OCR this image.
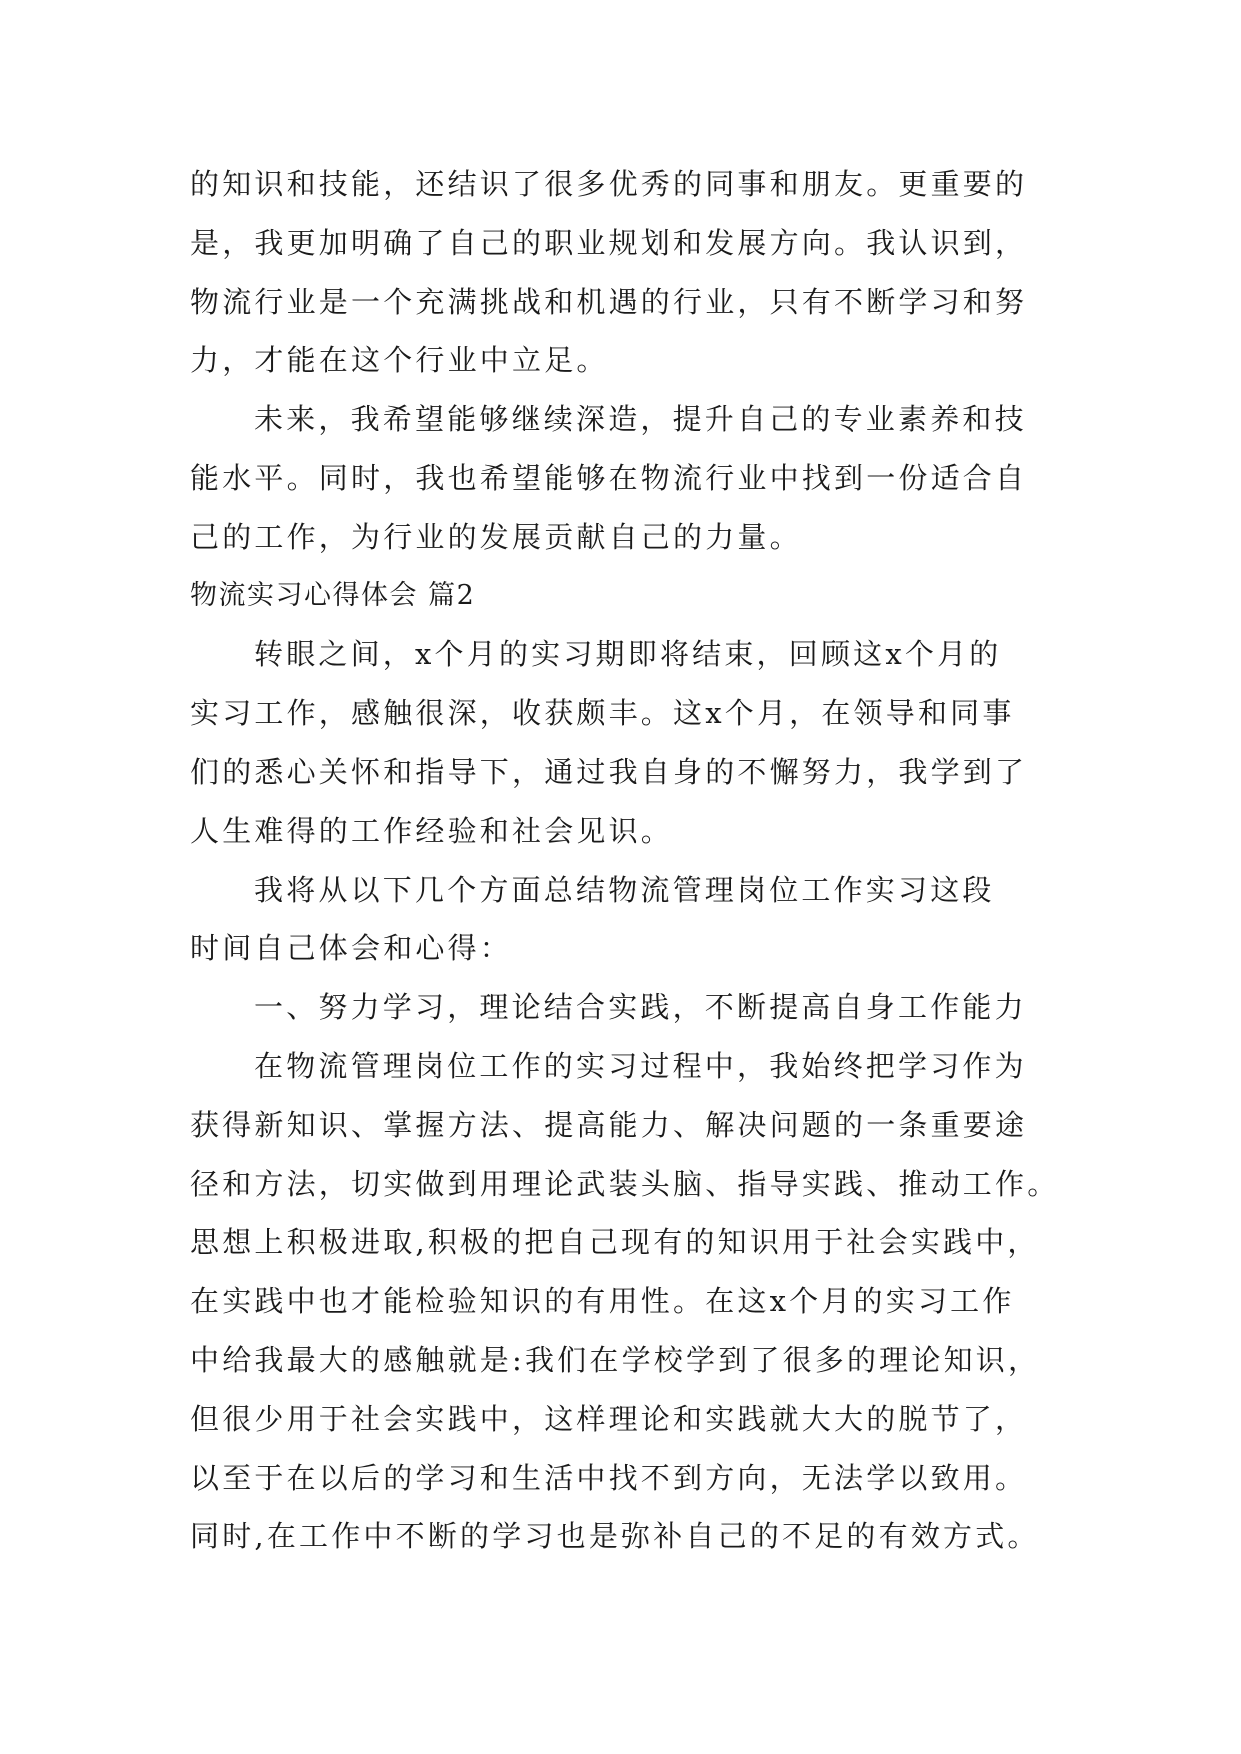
的知识和技能，还结识了很多优秀的同事和朋友。更重要的
是，我更加明确了自己的职业规划和发展方向。我认识到，
物流行业是一个充满挑战和机遇的行业，只有不断学习和努
力，才能在这个行业中立足。
未来，我希望能够继续深造，提升自己的专业素养和技
能水平。同时，我也希望能够在物流行业中找到一份适合自
己的工作，为行业的发展贡献自己的力量。
物流实习心得体会 篇2
转眼之间，x个月的实习期即将结束，回顾这x个月的
实习工作，感触很深，收获颇丰。这x个月，在领导和同事
们的悉心关怀和指导下，通过我自身的不懈努力，我学到了
人生难得的工作经验和社会见识。
我将从以下几个方面总结物流管理岗位工作实习这段
时间自己体会和心得：
一、努力学习，理论结合实践，不断提高自身工作能力
在物流管理岗位工作的实习过程中，我始终把学习作为
获得新知识、掌握方法、提高能力、解决问题的一条重要途
径和方法，切实做到用理论武装头脑、指导实践、推动工作。
思想上积极进取,积极的把自己现有的知识用于社会实践中，
在实践中也才能检验知识的有用性。在这x个月的实习工作
中给我最大的感触就是:我们在学校学到了很多的理论知识，
但很少用于社会实践中，这样理论和实践就大大的脱节了，
以至于在以后的学习和生活中找不到方向，无法学以致用。
同时,在工作中不断的学习也是弥补自己的不足的有效方式。
